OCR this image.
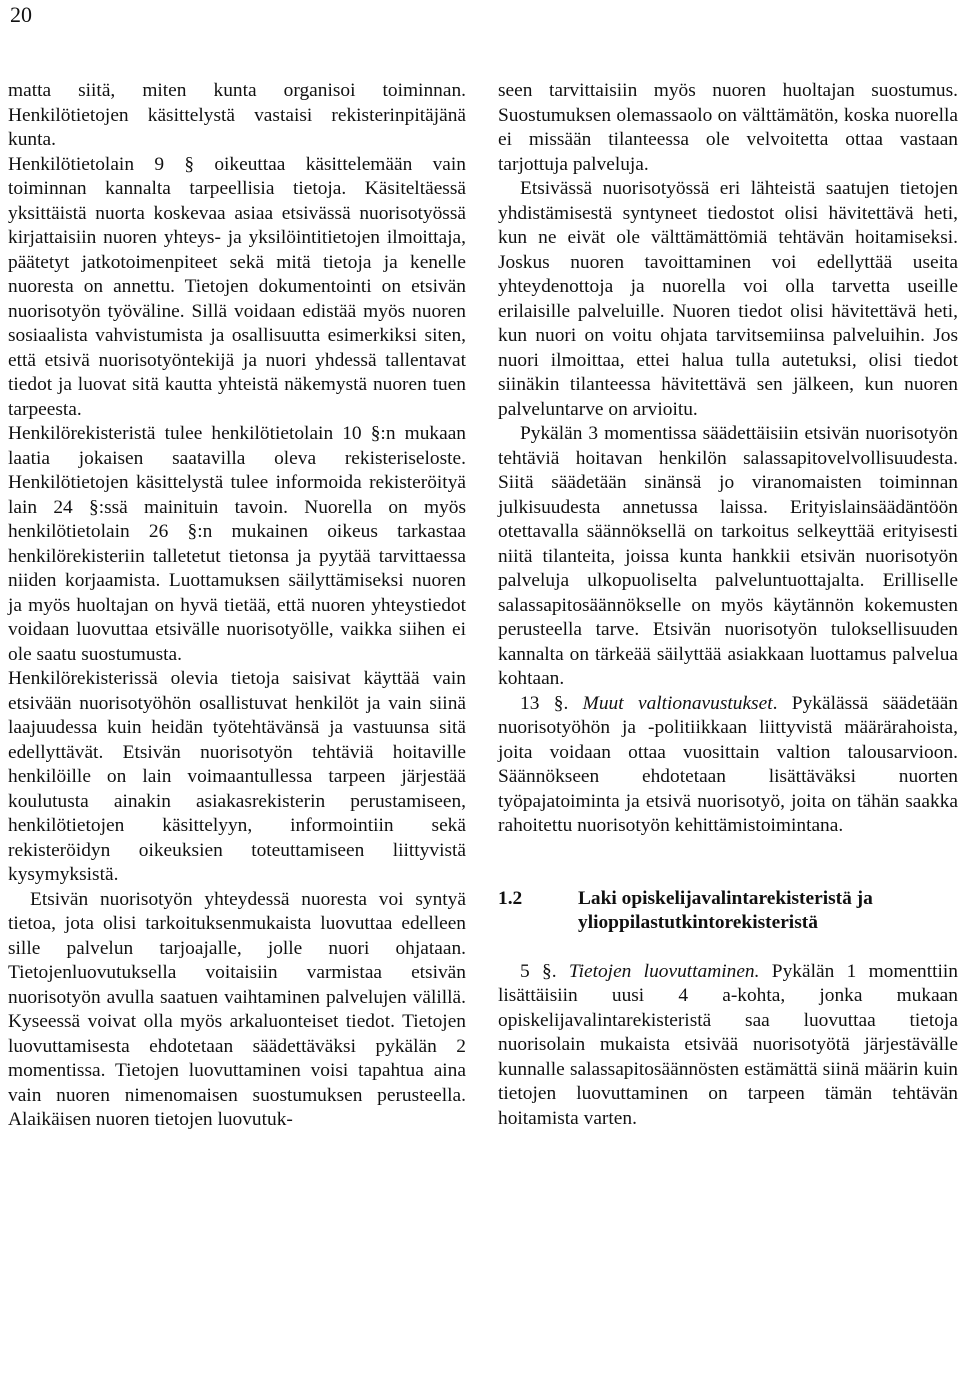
20

matta siitä, miten kunta organisoi toiminnan. Henkilötietojen käsittelystä vastaisi rekisterinpitäjänä kunta.

Henkilötietolain 9 § oikeuttaa käsittelemään vain toiminnan kannalta tarpeellisia tietoja. Käsiteltäessä yksittäistä nuorta koskevaa asiaa etsivässä nuorisotyössä kirjattaisiin nuoren yhteys- ja yksilöintitietojen ilmoittaja, päätetyt jatkotoimenpiteet sekä mitä tietoja ja kenelle nuoresta on annettu. Tietojen dokumentointi on etsivän nuorisotyön työväline. Sillä voidaan edistää myös nuoren sosiaalista vahvistumista ja osallisuutta esimerkiksi siten, että etsivä nuorisotyöntekijä ja nuori yhdessä tallentavat tiedot ja luovat sitä kautta yhteistä näkemystä nuoren tuen tarpeesta.

Henkilörekisteristä tulee henkilötietolain 10 §:n mukaan laatia jokaisen saatavilla oleva rekisteriseloste. Henkilötietojen käsittelystä tulee informoida rekisteröityä lain 24 §:ssä mainituin tavoin. Nuorella on myös henkilötietolain 26 §:n mukainen oikeus tarkastaa henkilörekisteriin talletetut tietonsa ja pyytää tarvittaessa niiden korjaamista. Luottamuksen säilyttämiseksi nuoren ja myös huoltajan on hyvä tietää, että nuoren yhteystiedot voidaan luovuttaa etsivälle nuorisotyölle, vaikka siihen ei ole saatu suostumusta.

Henkilörekisterissä olevia tietoja saisivat käyttää vain etsivään nuorisotyöhön osallistuvat henkilöt ja vain siinä laajuudessa kuin heidän työtehtävänsä ja vastuunsa sitä edellyttävät. Etsivän nuorisotyön tehtäviä hoitaville henkilöille on lain voimaantullessa tarpeen järjestää koulutusta ainakin asiakasrekisterin perustamiseen, henkilötietojen käsittelyyn, informointiin sekä rekisteröidyn oikeuksien toteuttamiseen liittyvistä kysymyksistä.

Etsivän nuorisotyön yhteydessä nuoresta voi syntyä tietoa, jota olisi tarkoituksenmukaista luovuttaa edelleen sille palvelun tarjoajalle, jolle nuori ohjataan. Tietojenluovutuksella voitaisiin varmistaa etsivän nuorisotyön avulla saatuen vaihtaminen palvelujen välillä. Kyseessä voivat olla myös arkaluonteiset tiedot. Tietojen luovuttamisesta ehdotetaan säädettäväksi pykälän 2 momentissa. Tietojen luovuttaminen voisi tapahtua aina vain nuoren nimenomaisen suostumuksen perusteella. Alaikäisen nuoren tietojen luovutuk-

seen tarvittaisiin myös nuoren huoltajan suostumus. Suostumuksen olemassaolo on välttämätön, koska nuorella ei missään tilanteessa ole velvoitetta ottaa vastaan tarjottuja palveluja.

Etsivässä nuorisotyössä eri lähteistä saatujen tietojen yhdistämisestä syntyneet tiedostot olisi hävitettävä heti, kun ne eivät ole välttämättömiä tehtävän hoitamiseksi. Joskus nuoren tavoittaminen voi edellyttää useita yhteydenottoja ja nuorella voi olla tarvetta useille erilaisille palveluille. Nuoren tiedot olisi hävitettävä heti, kun nuori on voitu ohjata tarvitsemiinsa palveluihin. Jos nuori ilmoittaa, ettei halua tulla autetuksi, olisi tiedot siinäkin tilanteessa hävitettävä sen jälkeen, kun nuoren palveluntarve on arvioitu.

Pykälän 3 momentissa säädettäisiin etsivän nuorisotyön tehtäviä hoitavan henkilön salassapitovelvollisuudesta. Siitä säädetään sinänsä jo viranomaisten toiminnan julkisuudesta annetussa laissa. Erityislainsäädäntöön otettavalla säännöksellä on tarkoitus selkeyttää erityisesti niitä tilanteita, joissa kunta hankkii etsivän nuorisotyön palveluja ulkopuoliselta palveluntuottajalta. Erilliselle salassapitosäännökselle on myös käytännön kokemusten perusteella tarve. Etsivän nuorisotyön tuloksellisuuden kannalta on tärkeää säilyttää asiakkaan luottamus palvelua kohtaan.

13 §. Muut valtionavustukset. Pykälässä säädetään nuorisotyöhön ja -politiikkaan liittyvistä määrärahoista, joita voidaan ottaa vuosittain valtion talousarvioon. Säännökseen ehdotetaan lisättäväksi nuorten työpajatoiminta ja etsivä nuorisotyö, joita on tähän saakka rahoitettu nuorisotyön kehittämistoimintana.

1.2	Laki opiskelijavalintarekisteristä ja ylioppilastutkintorekisteristä

5 §. Tietojen luovuttaminen. Pykälän 1 momenttiin lisättäisiin uusi 4 a-kohta, jonka mukaan opiskelijavalintarekisteristä saa luovuttaa tietoja nuorisolain mukaista etsivää nuorisotyötä järjestävälle kunnalle salassapitosäännösten estämättä siinä määrin kuin tietojen luovuttaminen on tarpeen tämän tehtävän hoitamista varten.
